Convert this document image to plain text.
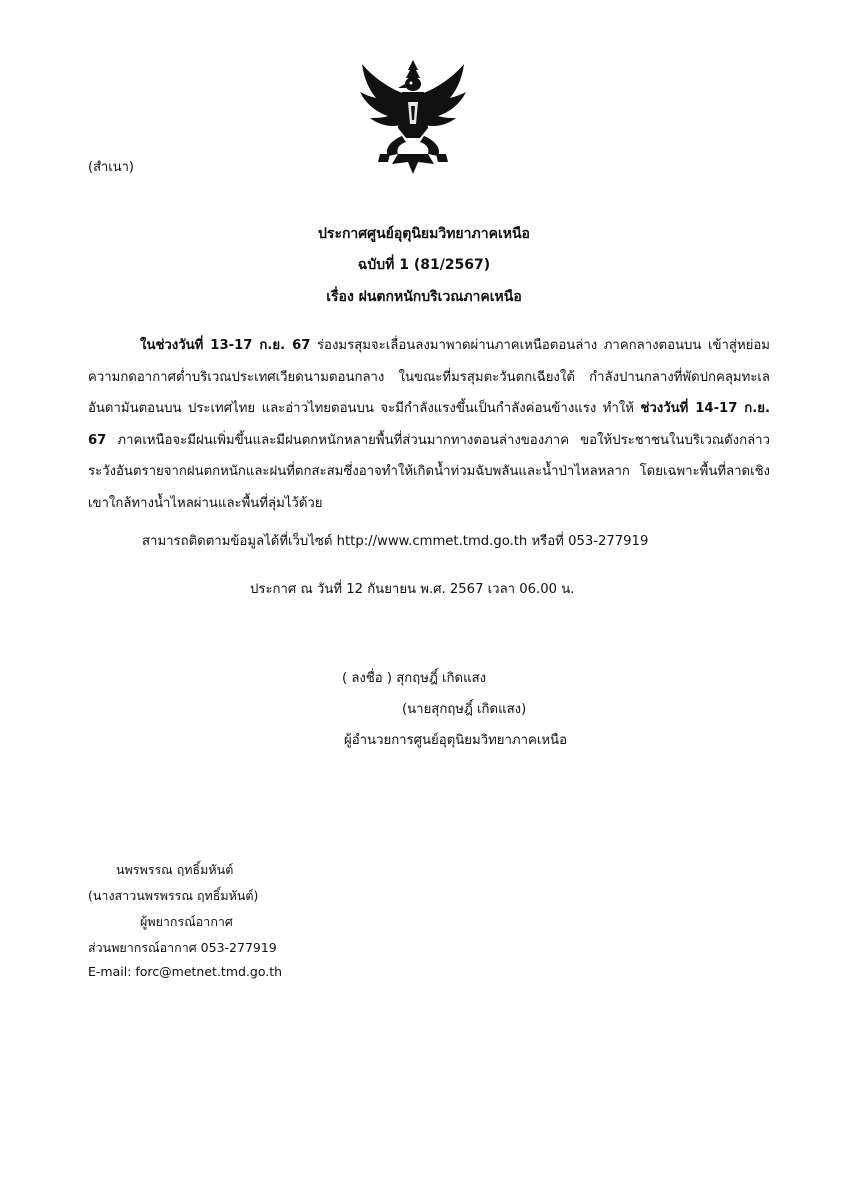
(สำเนา)
ประกาศศูนย์อุตุนิยมวิทยาภาคเหนือ
ฉบับที่ 1 (81/2567)
เรื่อง ฝนตกหนักบริเวณภาคเหนือ

ในช่วงวันที่ 13-17 ก.ย. 67 ร่องมรสุมจะเลื่อนลงมาพาดผ่านภาคเหนือตอนล่าง ภาคกลางตอนบน เข้าสู่หย่อมความกดอากาศต่ำบริเวณประเทศเวียดนามตอนกลาง ในขณะที่มรสุมตะวันตกเฉียงใต้ กำลังปานกลางที่พัดปกคลุมทะเลอันดามันตอนบน ประเทศไทย และอ่าวไทยตอนบน จะมีกำลังแรงขึ้นเป็นกำลังค่อนข้างแรง ทำให้ ช่วงวันที่ 14-17 ก.ย. 67 ภาคเหนือจะมีฝนเพิ่มขึ้นและมีฝนตกหนักหลายพื้นที่ส่วนมากทางตอนล่างของภาค ขอให้ประชาชนในบริเวณดังกล่าว ระวังอันตรายจากฝนตกหนักและฝนที่ตกสะสมซึ่งอาจทำให้เกิดน้ำท่วมฉับพลันและน้ำป่าไหลหลาก โดยเฉพาะพื้นที่ลาดเชิงเขาใกล้ทางน้ำไหลผ่านและพื้นที่ลุ่มไว้ด้วย

สามารถติดตามข้อมูลได้ที่เว็บไซต์ http://www.cmmet.tmd.go.th หรือที่ 053-277919
ประกาศ ณ วันที่ 12 กันยายน พ.ศ. 2567 เวลา 06.00 น.
( ลงชื่อ ) สุกฤษฎิ์ เกิดแสง
(นายสุกฤษฎิ์ เกิดแสง)
ผู้อำนวยการศูนย์อุตุนิยมวิทยาภาคเหนือ
นพรพรรณ ฤทธิ์มหันต์
(นางสาวนพรพรรณ ฤทธิ์มหันต์)
ผู้พยากรณ์อากาศ
ส่วนพยากรณ์อากาศ 053-277919
E-mail: forc@metnet.tmd.go.th
